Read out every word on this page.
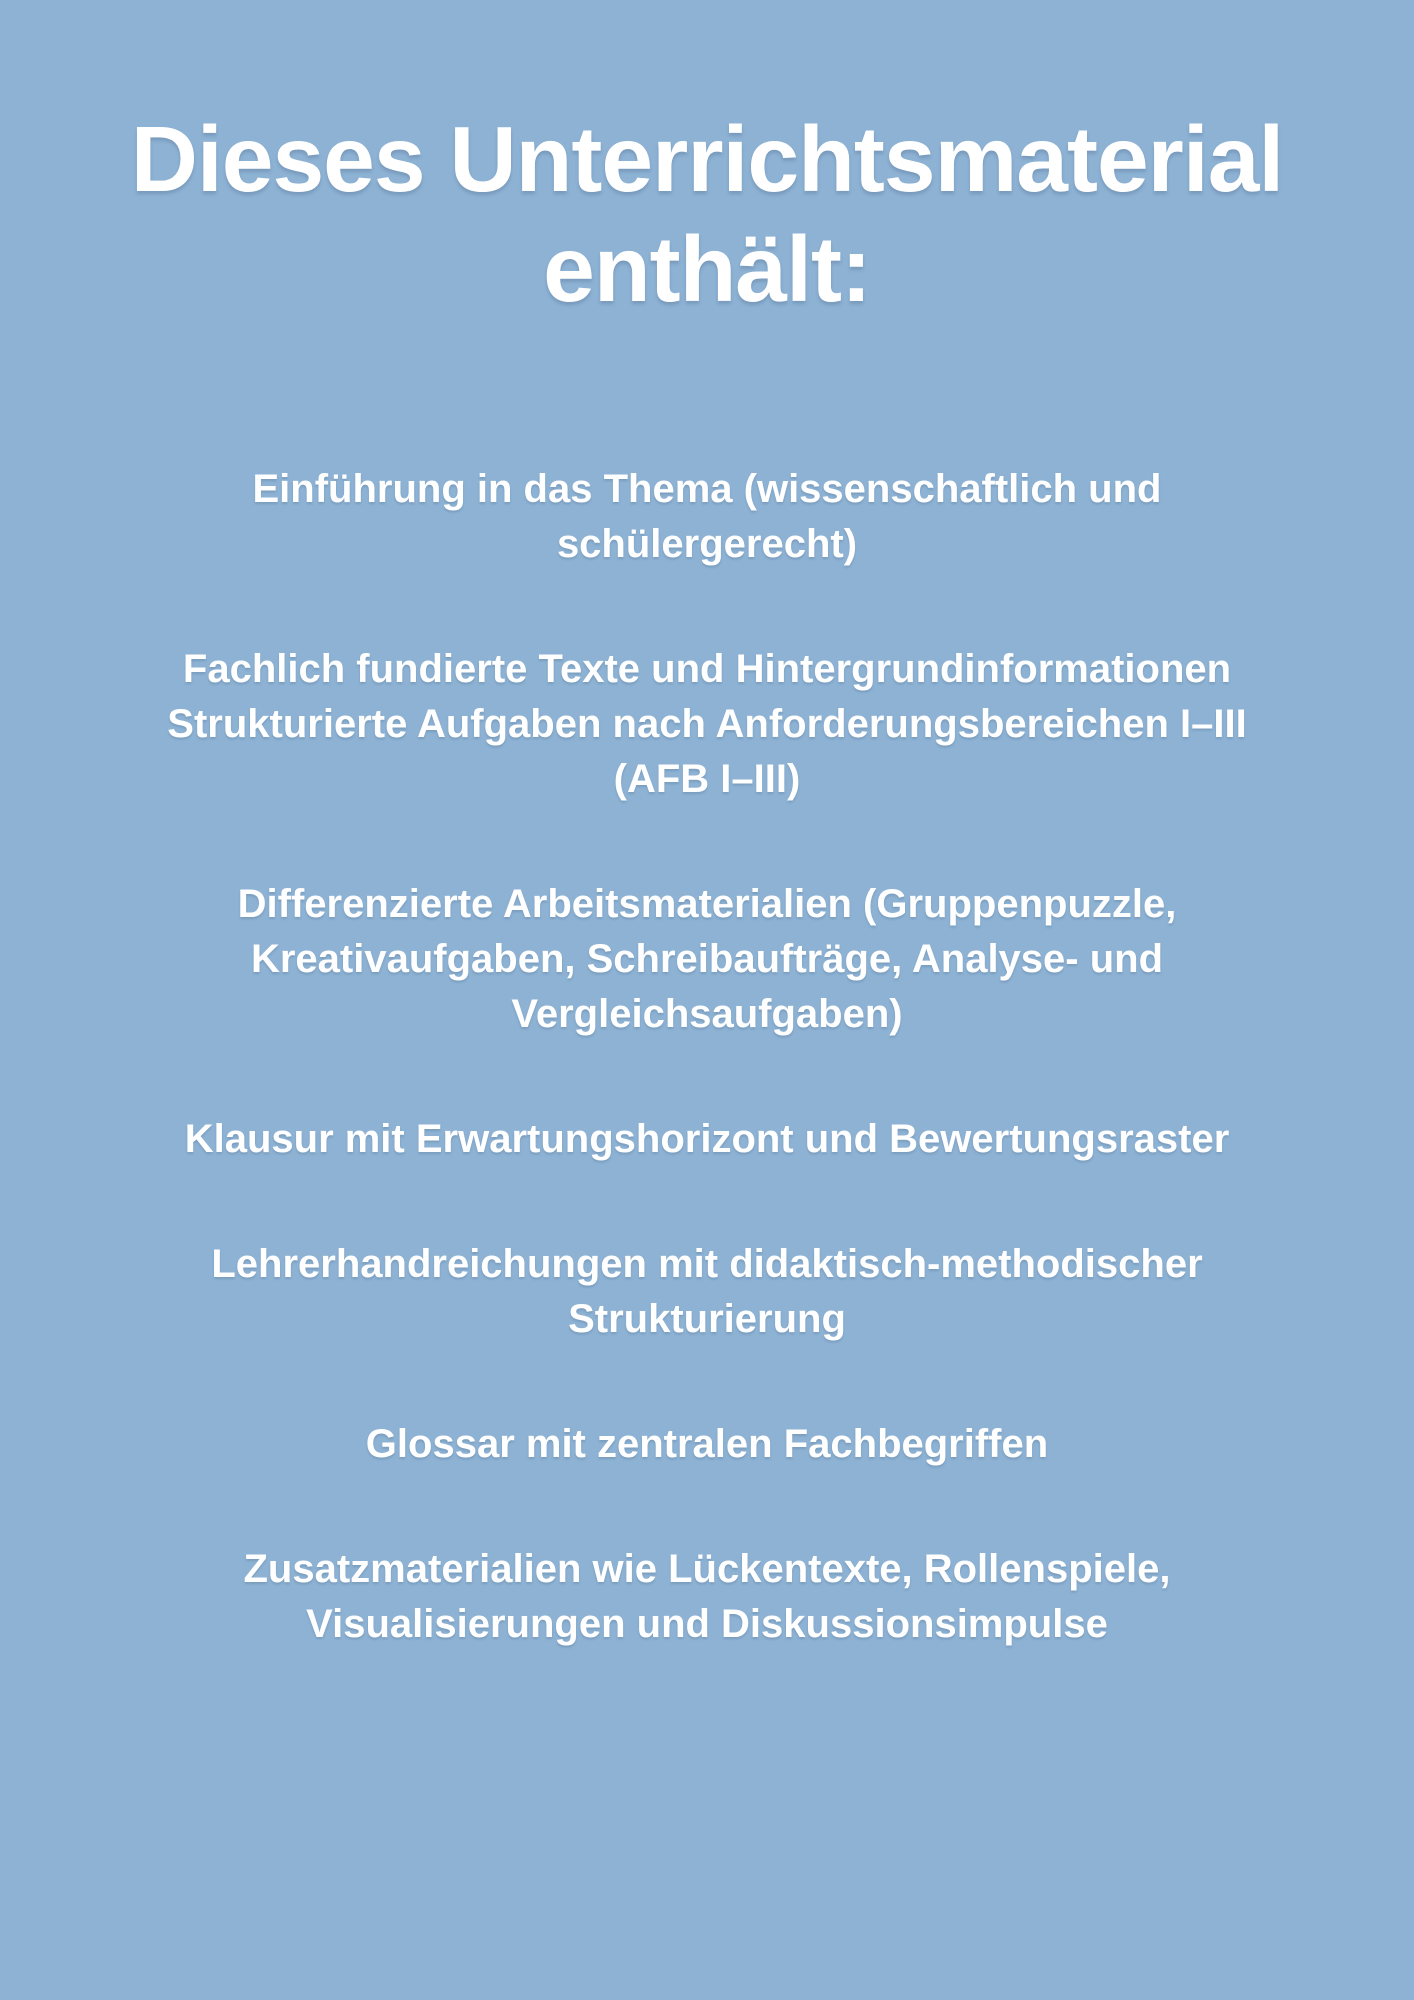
Dieses Unterrichtsmaterial
enthält:

Einführung in das Thema (wissenschaftlich und
schülergerecht)

Fachlich fundierte Texte und Hintergrundinformationen
Strukturierte Aufgaben nach Anforderungsbereichen I–III
(AFB I–III)

Differenzierte Arbeitsmaterialien (Gruppenpuzzle,
Kreativaufgaben, Schreibaufträge, Analyse- und
Vergleichsaufgaben)

Klausur mit Erwartungshorizont und Bewertungsraster

Lehrerhandreichungen mit didaktisch-methodischer
Strukturierung

Glossar mit zentralen Fachbegriffen

Zusatzmaterialien wie Lückentexte, Rollenspiele,
Visualisierungen und Diskussionsimpulse
